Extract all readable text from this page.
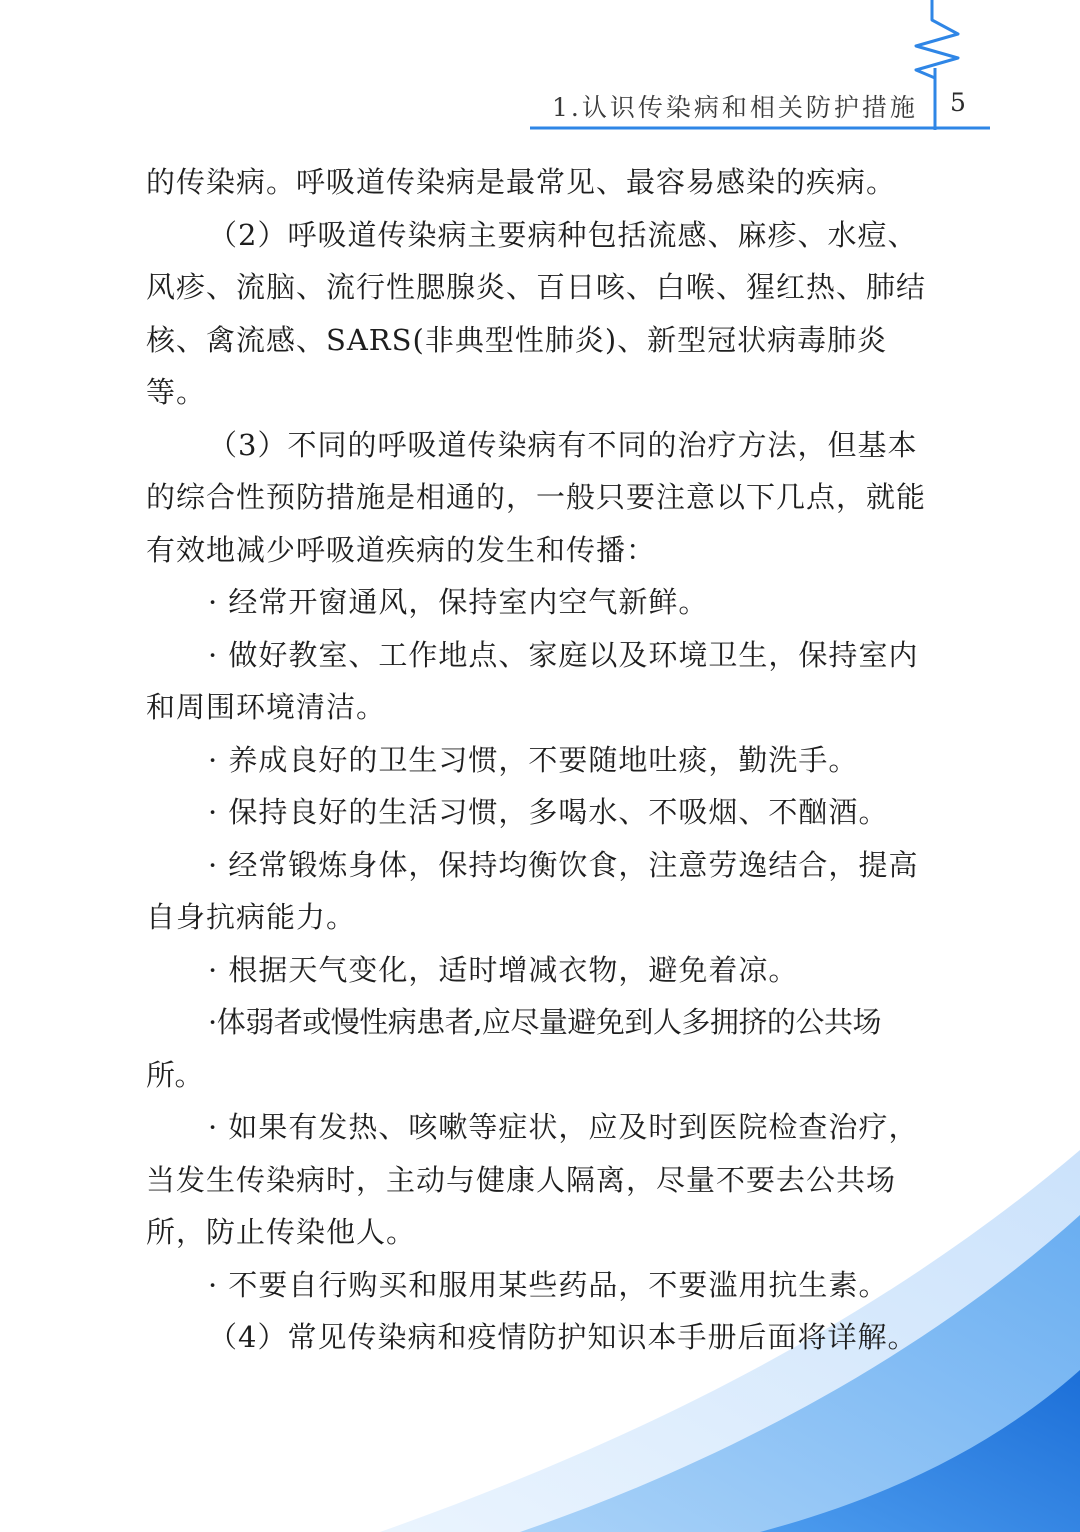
1.认识传染病和相关防护措施 5

的传染病。呼吸道传染病是最常见、最容易感染的疾病。

（2）呼吸道传染病主要病种包括流感、麻疹、水痘、风疹、流脑、流行性腮腺炎、百日咳、白喉、猩红热、肺结核、禽流感、SARS(非典型性肺炎)、新型冠状病毒肺炎等。

（3）不同的呼吸道传染病有不同的治疗方法，但基本的综合性预防措施是相通的，一般只要注意以下几点，就能有效地减少呼吸道疾病的发生和传播：

· 经常开窗通风，保持室内空气新鲜。

· 做好教室、工作地点、家庭以及环境卫生，保持室内和周围环境清洁。

· 养成良好的卫生习惯，不要随地吐痰，勤洗手。

· 保持良好的生活习惯，多喝水、不吸烟、不酗酒。

· 经常锻炼身体，保持均衡饮食，注意劳逸结合，提高自身抗病能力。

· 根据天气变化，适时增减衣物，避免着凉。

·体弱者或慢性病患者,应尽量避免到人多拥挤的公共场所。

· 如果有发热、咳嗽等症状，应及时到医院检查治疗，当发生传染病时，主动与健康人隔离，尽量不要去公共场所，防止传染他人。

· 不要自行购买和服用某些药品，不要滥用抗生素。

（4）常见传染病和疫情防护知识本手册后面将详解。
